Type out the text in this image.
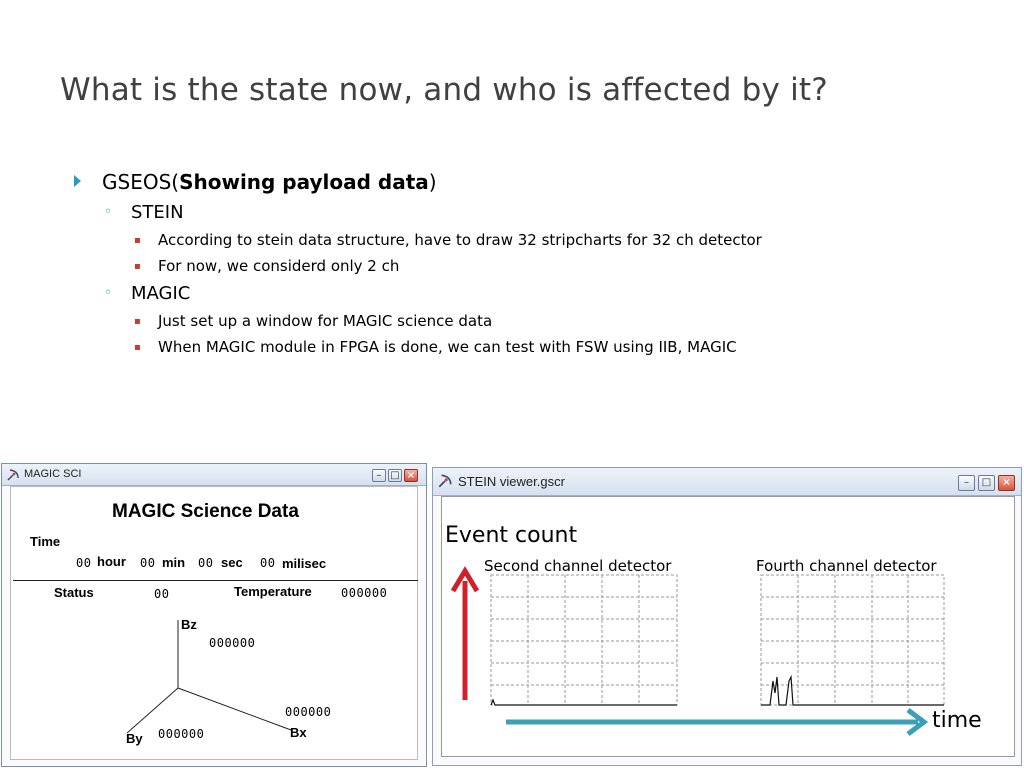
What is the state now, and who is affected by it?
GSEOS(Showing payload data)
◦ STEIN
▪ According to stein data structure, have to draw 32 stripcharts for 32 ch detector
▪ For now, we considerd only 2 ch
◦ MAGIC
▪ Just set up a window for MAGIC science data
▪ When MAGIC module in FPGA is done, we can test with FSW using IIB, MAGIC
MAGIC SCI	– □ ×
MAGIC Science Data
Time
00 hour 00 min 00 sec 00 milisec
Status	00	Temperature 000000
Bz
000000
000000
Bx
000000
By
STEIN viewer.gscr	–	□	×
Event count
Second channel detector	Fourth channel detector
time
